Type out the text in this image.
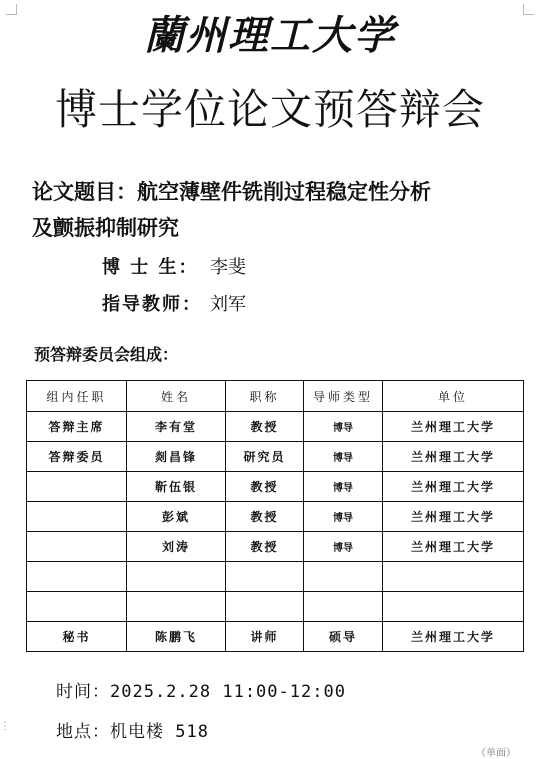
蘭州理工大学
博士学位论文预答辩会
论文题目：航空薄壁件铣削过程稳定性分析
及颤振抑制研究
博 士 生： 李斐
指导教师： 刘军
预答辩委员会组成：
组内任职	姓名	职称	导师类型	单位
答辩主席	李有堂	教授	博导	兰州理工大学
答辩委员	剡昌锋	研究员	博导	兰州理工大学
	靳伍银	教授	博导	兰州理工大学
	彭斌	教授	博导	兰州理工大学
	刘涛	教授	博导	兰州理工大学

秘书	陈鹏飞	讲师	硕导	兰州理工大学
时间：2025.2.28 11:00-12:00
地点：机电楼 518
⋮
（单面）
